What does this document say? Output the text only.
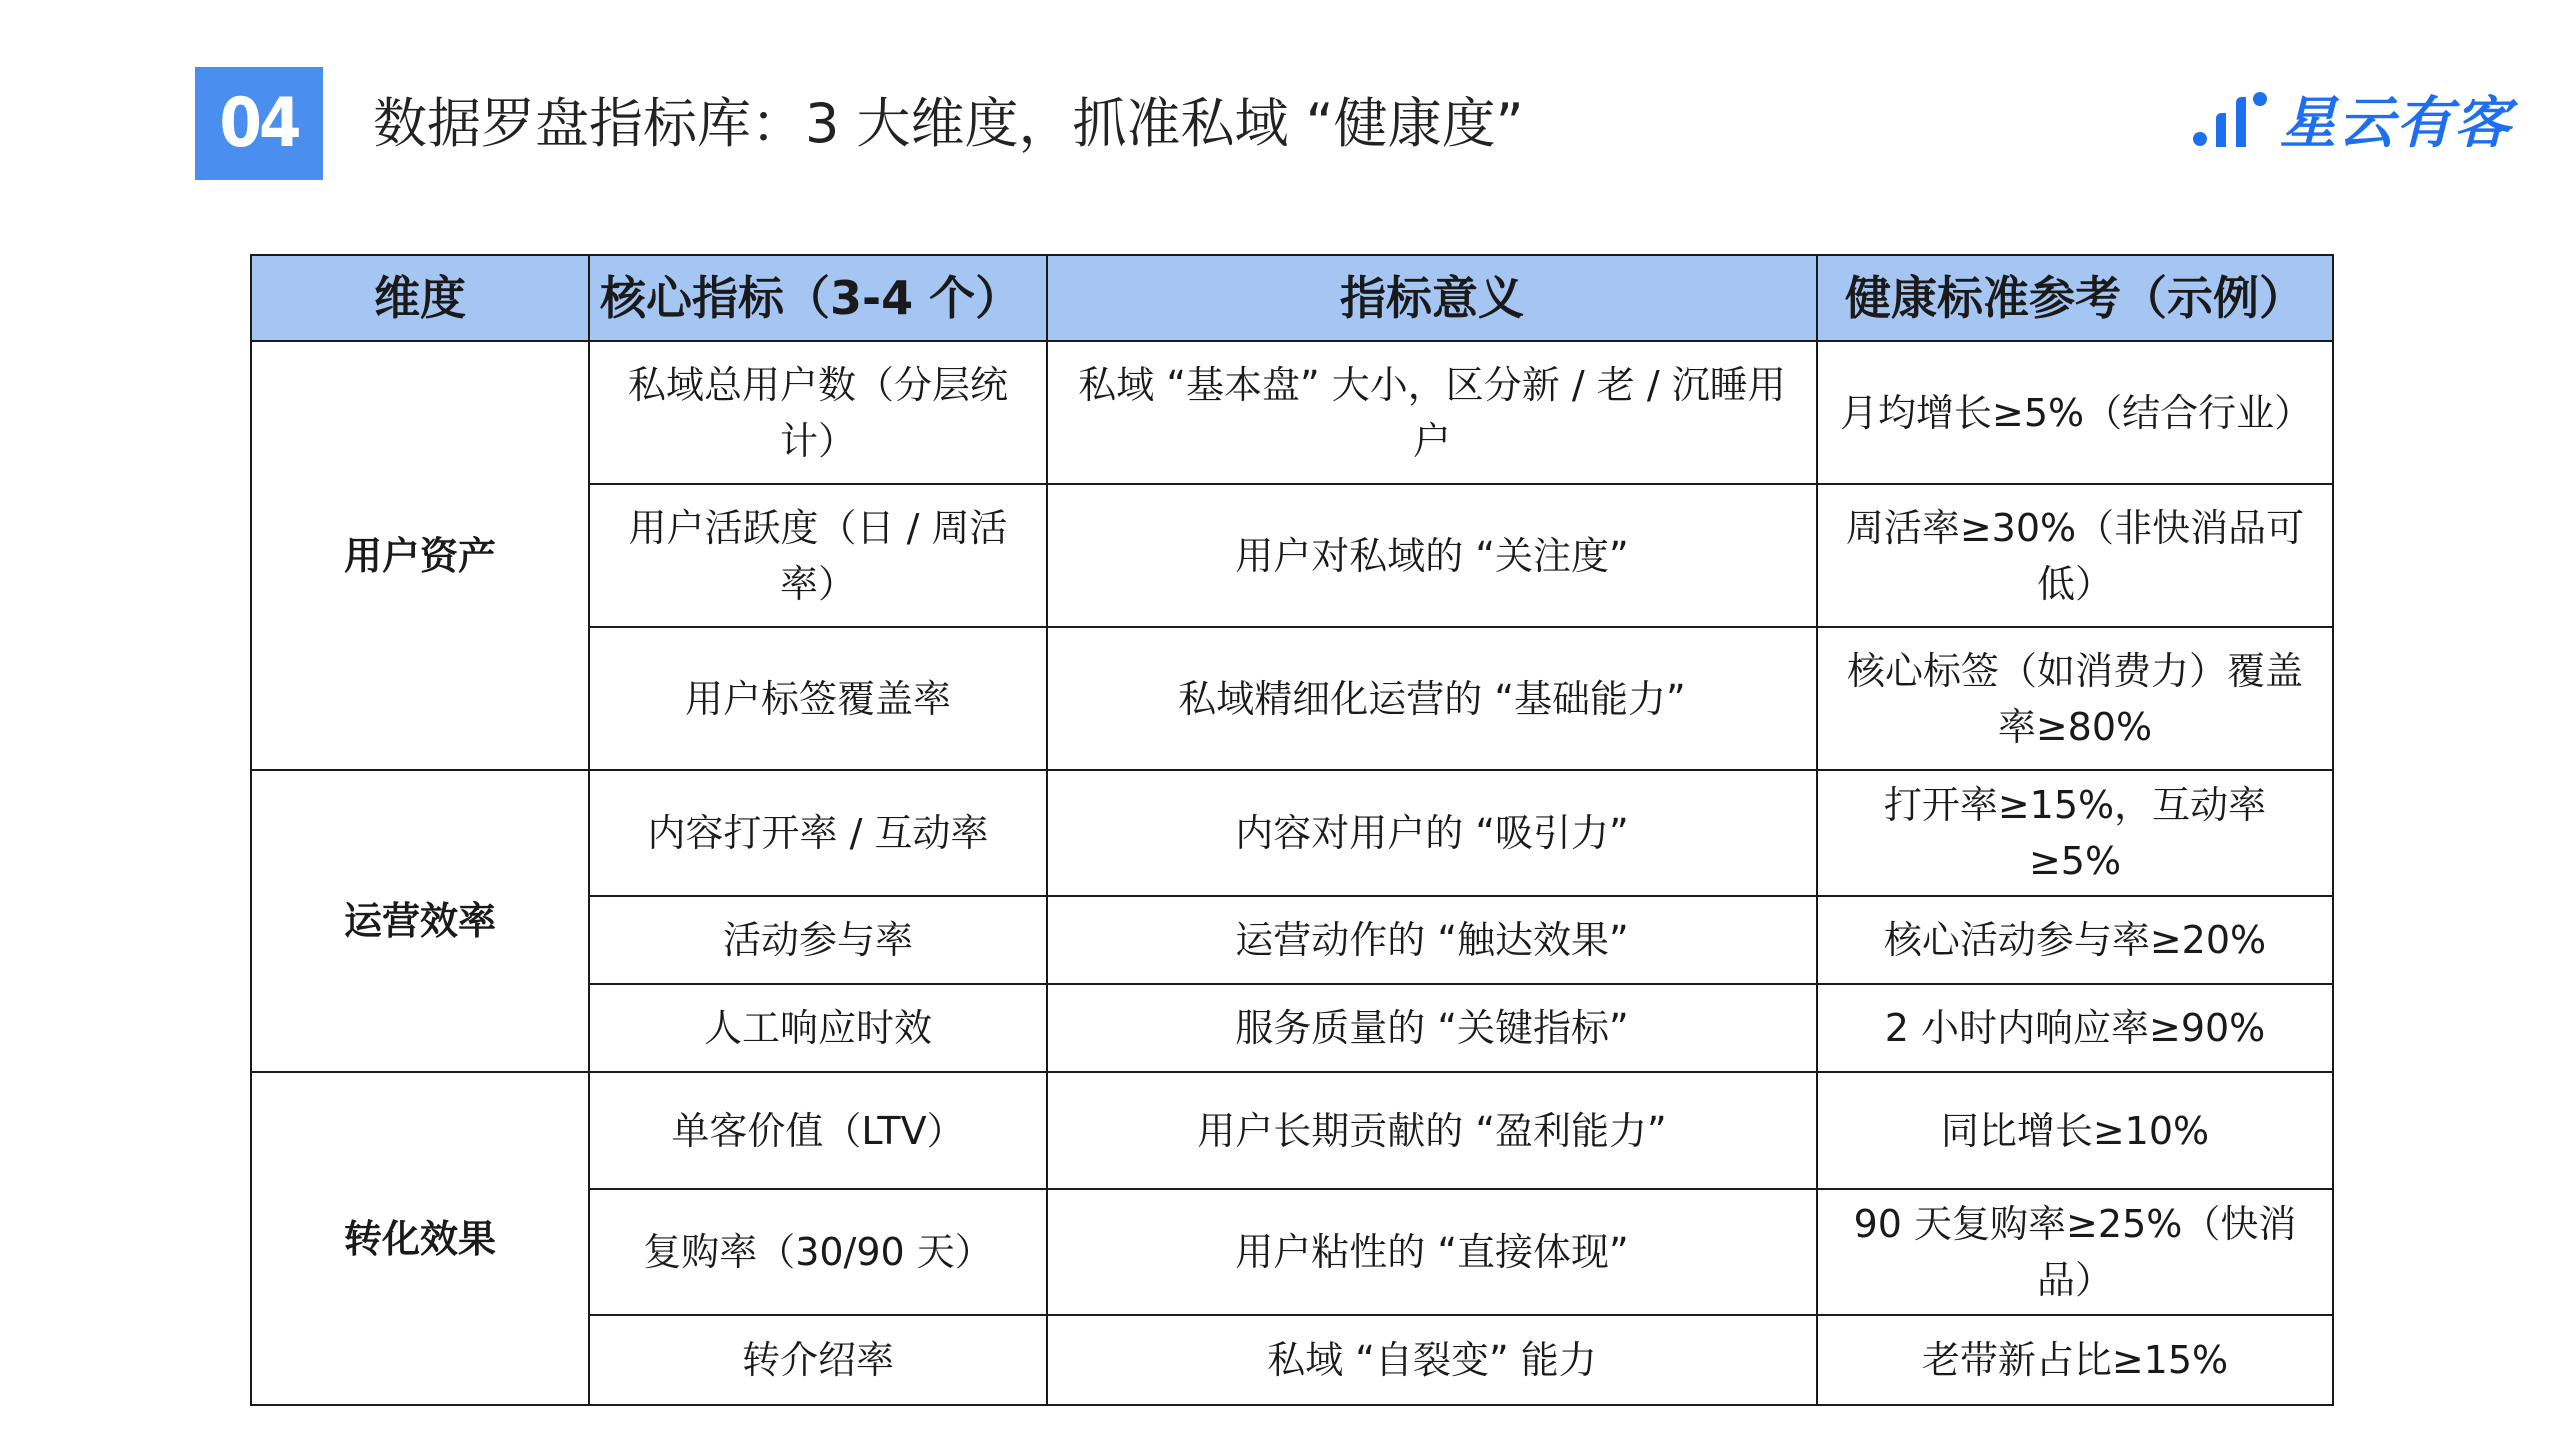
04	数据罗盘指标库：3 大维度，抓准私域 “健康度”	星云有客
维度	核心指标（3-4 个）	指标意义	健康标准参考（示例）
用户资产	私域总用户数（分层统计）	私域 “基本盘” 大小，区分新 / 老 / 沉睡用户	月均增长≥5%（结合行业）
	用户活跃度（日 / 周活率）	用户对私域的 “关注度”	周活率≥30%（非快消品可低）
	用户标签覆盖率	私域精细化运营的 “基础能力”	核心标签（如消费力）覆盖率≥80%
运营效率	内容打开率 / 互动率	内容对用户的 “吸引力”	打开率≥15%，互动率≥5%
	活动参与率	运营动作的 “触达效果”	核心活动参与率≥20%
	人工响应时效	服务质量的 “关键指标”	2 小时内响应率≥90%
转化效果	单客价值（LTV）	用户长期贡献的 “盈利能力”	同比增长≥10%
	复购率（30/90 天）	用户粘性的 “直接体现”	90 天复购率≥25%（快消品）
	转介绍率	私域 “自裂变” 能力	老带新占比≥15%
